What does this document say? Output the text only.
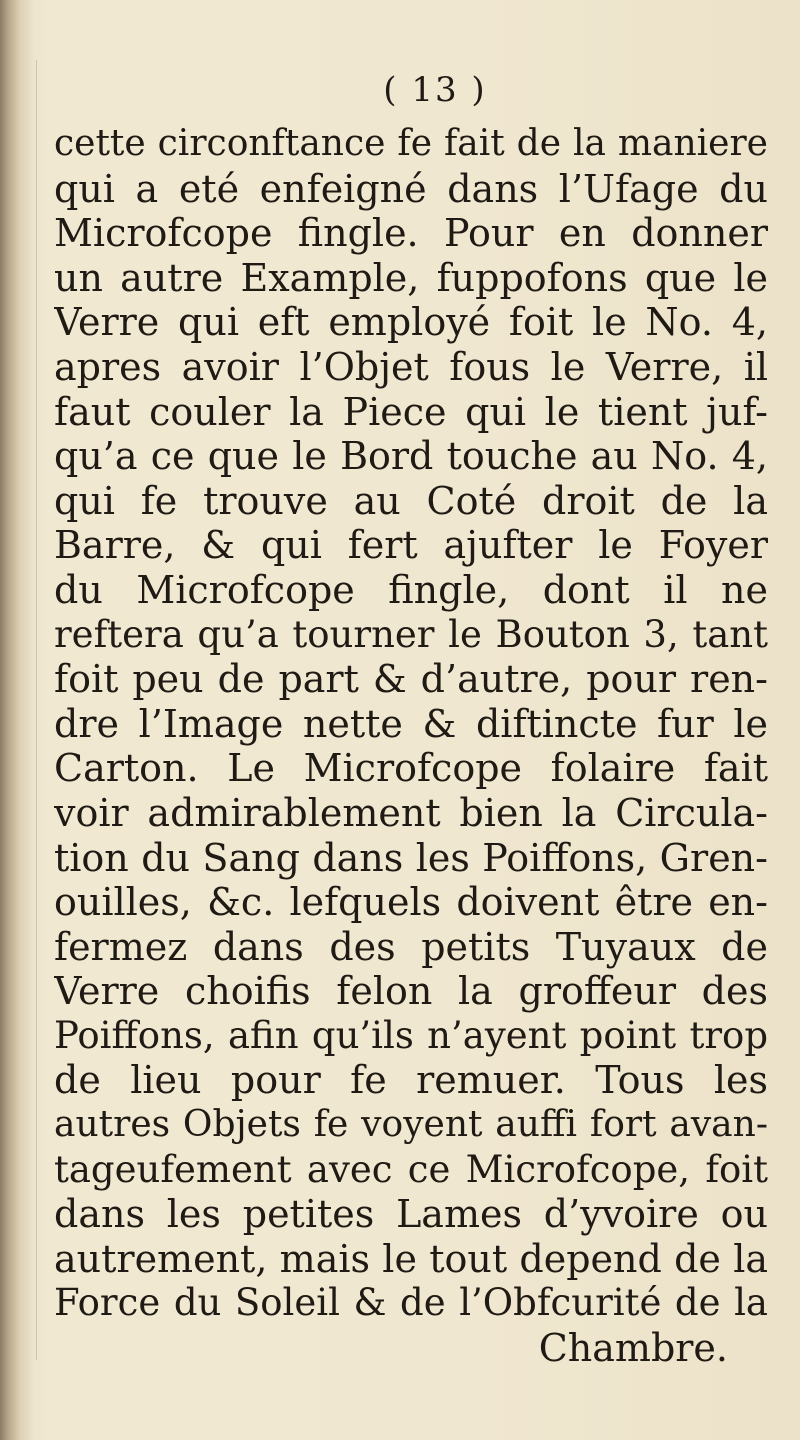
( 13 )
cette circonftance fe fait de la maniere
qui a eté enfeigné dans l’Ufage du
Microfcope fingle. Pour en donner
un autre Example, fuppofons que le
Verre qui eft employé foit le No. 4,
apres avoir l’Objet fous le Verre, il
faut couler la Piece qui le tient juf-
qu’a ce que le Bord touche au No. 4,
qui fe trouve au Coté droit de la
Barre, & qui fert ajufter le Foyer
du Microfcope fingle, dont il ne
reftera qu’a tourner le Bouton 3, tant
foit peu de part & d’autre, pour ren-
dre l’Image nette & diftincte fur le
Carton. Le Microfcope folaire fait
voir admirablement bien la Circula-
tion du Sang dans les Poiffons, Gren-
ouilles, &c. lefquels doivent être en-
fermez dans des petits Tuyaux de
Verre choifis felon la groffeur des
Poiffons, afin qu’ils n’ayent point trop
de lieu pour fe remuer. Tous les
autres Objets fe voyent auffi fort avan-
tageufement avec ce Microfcope, foit
dans les petites Lames d’yvoire ou
autrement, mais le tout depend de la
Force du Soleil & de l’Obfcurité de la
Chambre.
